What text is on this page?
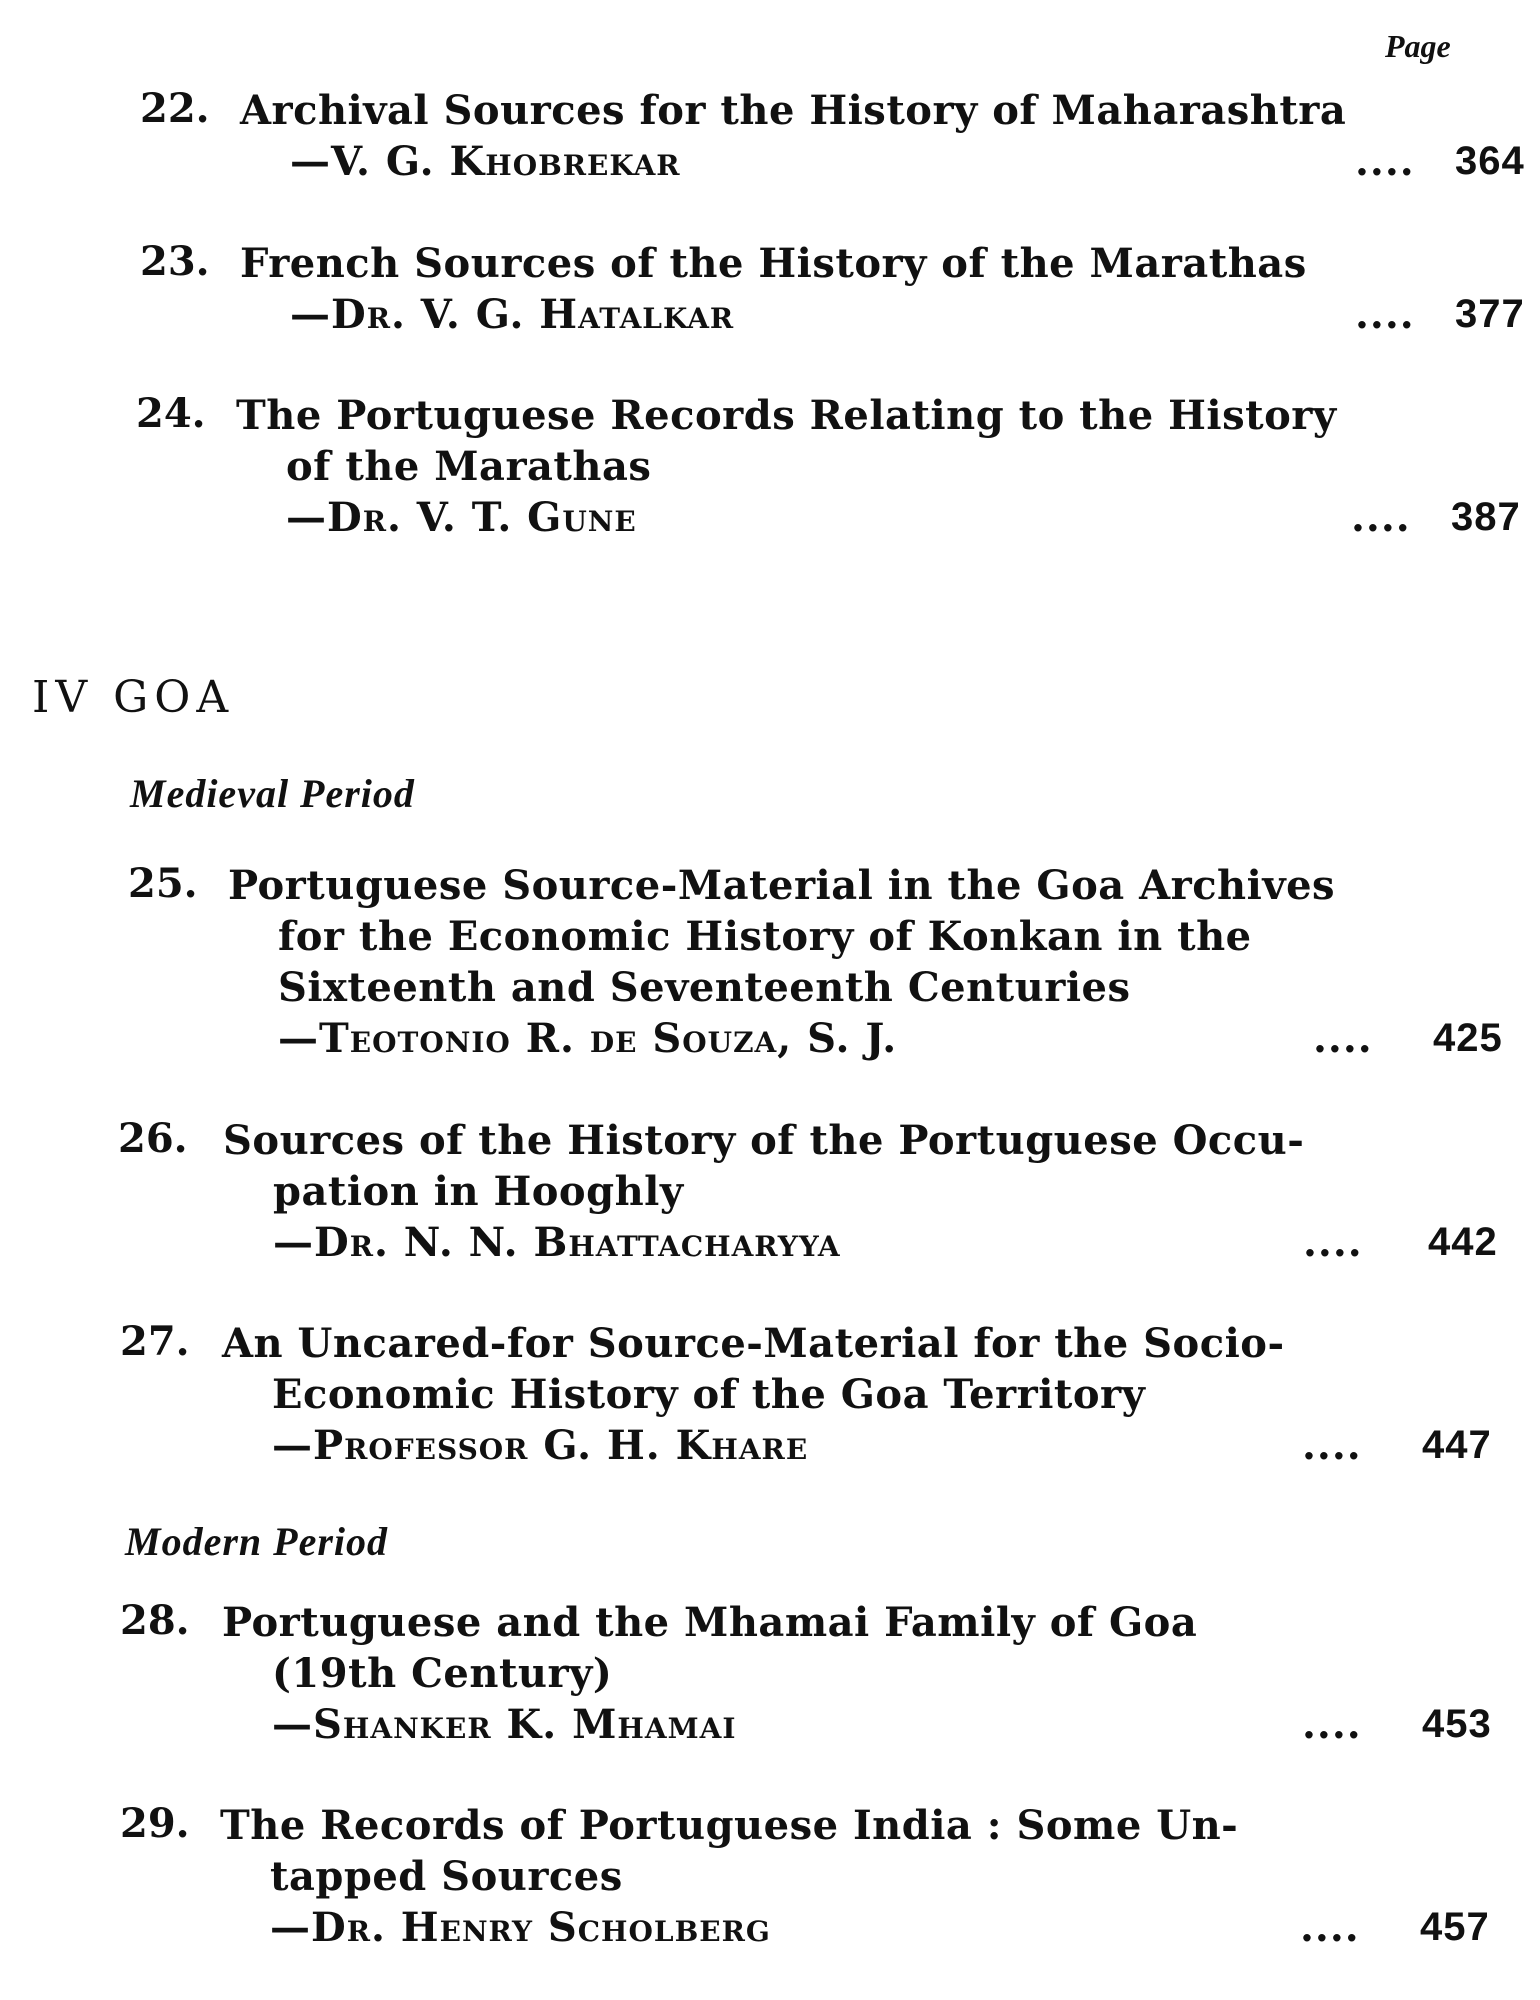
Page
22. Archival Sources for the History of Maharashtra
—V. G. Khobrekar	.... 364
23. French Sources of the History of the Marathas
—Dr. V. G. Hatalkar	.... 377
24. The Portuguese Records Relating to the History
of the Marathas
—Dr. V. T. Gune	.... 387
IV GOA
Medieval Period
25. Portuguese Source-Material in the Goa Archives
for the Economic History of Konkan in the
Sixteenth and Seventeenth Centuries
—Teotonio R. de Souza, S. J.	.... 425
26. Sources of the History of the Portuguese Occu-
pation in Hooghly
—Dr. N. N. Bhattacharyya	.... 442
27. An Uncared-for Source-Material for the Socio-
Economic History of the Goa Territory
—Professor G. H. Khare	.... 447
Modern Period
28. Portuguese and the Mhamai Family of Goa
(19th Century)
—Shanker K. Mhamai	.... 453
29. The Records of Portuguese India : Some Un-
tapped Sources
—Dr. Henry Scholberg	.... 457
